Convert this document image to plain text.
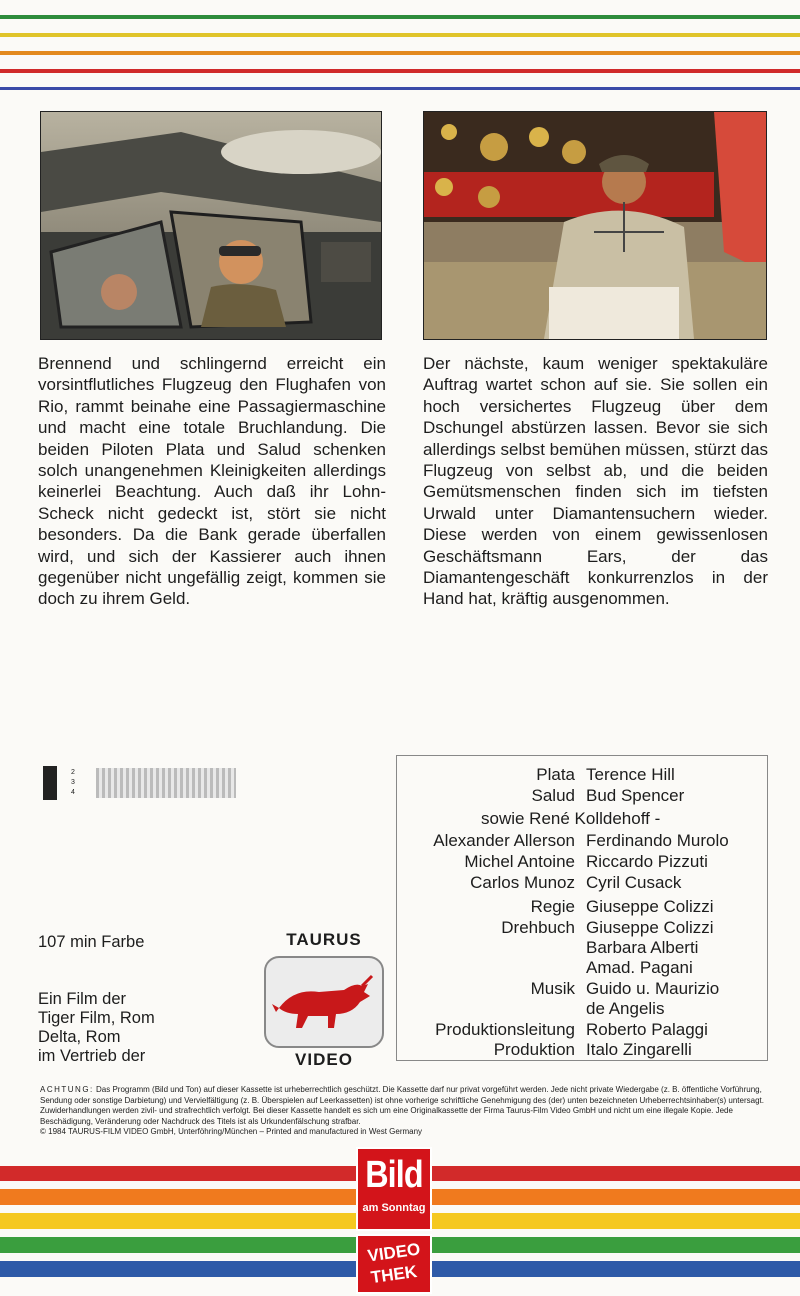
Brennend und schlingernd erreicht ein vorsintflutliches Flugzeug den Flughafen von Rio, rammt beinahe eine Passagiermaschine und macht eine totale Bruchlandung. Die beiden Piloten Plata und Salud schenken solch unangenehmen Kleinigkeiten allerdings keinerlei Beachtung. Auch daß ihr Lohn-Scheck nicht gedeckt ist, stört sie nicht besonders. Da die Bank gerade überfallen wird, und sich der Kassierer auch ihnen gegenüber nicht ungefällig zeigt, kommen sie doch zu ihrem Geld.

Der nächste, kaum weniger spektakuläre Auftrag wartet schon auf sie. Sie sollen ein hoch versichertes Flugzeug über dem Dschungel abstürzen lassen. Bevor sie sich allerdings selbst bemühen müssen, stürzt das Flugzeug von selbst ab, und die beiden Gemütsmenschen finden sich im tiefsten Urwald unter Diamantensuchern wieder. Diese werden von einem gewissenlosen Geschäftsmann Ears, der das Diamantengeschäft konkurrenzlos in der Hand hat, kräftig ausgenommen.

2
3
4
107 min Farbe
Ein Film der
Tiger Film, Rom
Delta, Rom
im Vertrieb der
TAURUS
VIDEO
Plata Terence Hill
Salud Bud Spencer
sowie René Kolldehoff -
Alexander Allerson Ferdinando Murolo
Michel Antoine Riccardo Pizzuti
Carlos Munoz Cyril Cusack
Regie Giuseppe Colizzi
Drehbuch Giuseppe Colizzi
Barbara Alberti
Amad. Pagani
Musik Guido u. Maurizio
de Angelis
Produktionsleitung Roberto Palaggi
Produktion Italo Zingarelli

ACHTUNG: Das Programm (Bild und Ton) auf dieser Kassette ist urheberrechtlich geschützt. Die Kassette darf nur privat vorgeführt werden. Jede nicht private Wiedergabe (z. B. öffentliche Vorführung, Sendung oder sonstige Darbietung) und Vervielfältigung (z. B. Überspielen auf Leerkassetten) ist ohne vorherige schriftliche Genehmigung des (der) unten bezeichneten Urheberrechtsinhaber(s) untersagt. Zuwiderhandlungen werden zivil- und strafrechtlich verfolgt. Bei dieser Kassette handelt es sich um eine Originalkassette der Firma Taurus-Film Video GmbH und nicht um eine illegale Kopie. Jede Beschädigung, Veränderung oder Nachdruck des Titels ist als Urkundenfälschung strafbar.
© 1984 TAURUS-FILM VIDEO GmbH, Unterföhring/München – Printed and manufactured in West Germany

Bild
am Sonntag
VIDEO
THEK
